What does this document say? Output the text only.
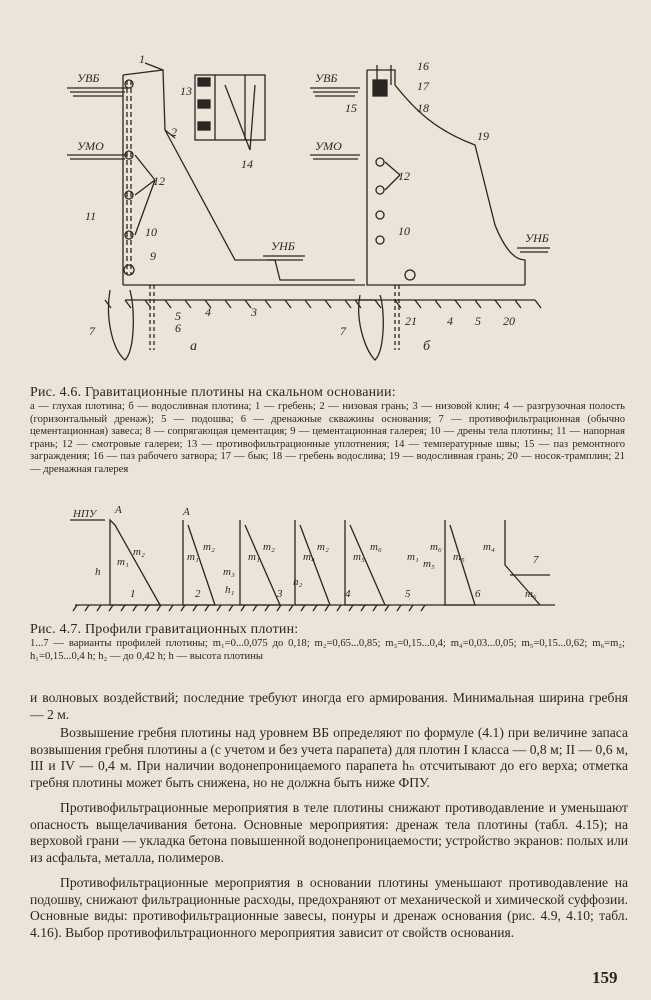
УВБ
УМО
УНБ
1
2
3
4
5
6
7
9
10
11
12
13
14
а
УВБ
УМО
УНБ
15
16
17
18
19
12
10
7
21	4 5 20
б
Рис. 4.6. Гравитационные плотины на скальном основании:
а — глухая плотина; б — водосливная плотина; 1 — гребень; 2 — низовая грань; 3 — низовой клин; 4 — разгрузочная полость (горизонтальный дренаж); 5 — подошва; 6 — дренажные скважины основания; 7 — противофильтрационная (обычно цементационная) завеса; 8 — сопрягающая цементация; 9 — цементационная галерея; 10 — дрены тела плотины; 11 — напорная грань; 12 — смотровые галереи; 13 — противофильтрационные уплотнения; 14 — температурные швы; 15 — паз ремонтного заграждения; 16 — паз рабочего затвора; 17 — бык; 18 — гребень водослива; 19 — водосливная грань; 20 — носок-трамплин; 21 — дренажная галерея
НПУ A	A
h
m₁
m₂	m₁
m₂
m₃
m₁
m₂
h₁
m₄
m₂
h₂
m₅
m₆
m₁
m₅
m₆
m₅
m₄
m₆
1	2	3	4	5	6
7
Рис. 4.7. Профили гравитационных плотин:
1...7 — варианты профилей плотины; m₁=0...0,075 до 0,18; m₂=0,65...0,85; m₃=0,15...0,4; m₄=0,03...0,05; m₅=0,15...0,62; m₆=m₂; h₁=0,15...0,4 h; h₂ — до 0,42 h; h — высота плотины
и волновых воздействий; последние требуют иногда его армирования. Минимальная ширина гребня — 2 м.
Возвышение гребня плотины над уровнем ВБ определяют по формуле (4.1) при величине запаса возвышения гребня плотины a (с учетом и без учета парапета) для плотин I класса — 0,8 м; II — 0,6 м, III и IV — 0,4 м. При наличии водонепроницаемого парапета hₙ отсчитывают до его верха; отметка гребня плотины может быть снижена, но не должна быть ниже ФПУ.
Противофильтрационные мероприятия в теле плотины снижают противодавление и уменьшают опасность выщелачивания бетона. Основные мероприятия: дренаж тела плотины (табл. 4.15); на верховой грани — укладка бетона повышенной водонепроницаемости; устройство экранов: полых или из асфальта, металла, полимеров.
Противофильтрационные мероприятия в основании плотины уменьшают противодавление на подошву, снижают фильтрационные расходы, предохраняют от механической и химической суффозии. Основные виды: противофильтрационные завесы, понуры и дренаж основания (рис. 4.9, 4.10; табл. 4.16). Выбор противофильтрационного мероприятия зависит от свойств основания.
159
